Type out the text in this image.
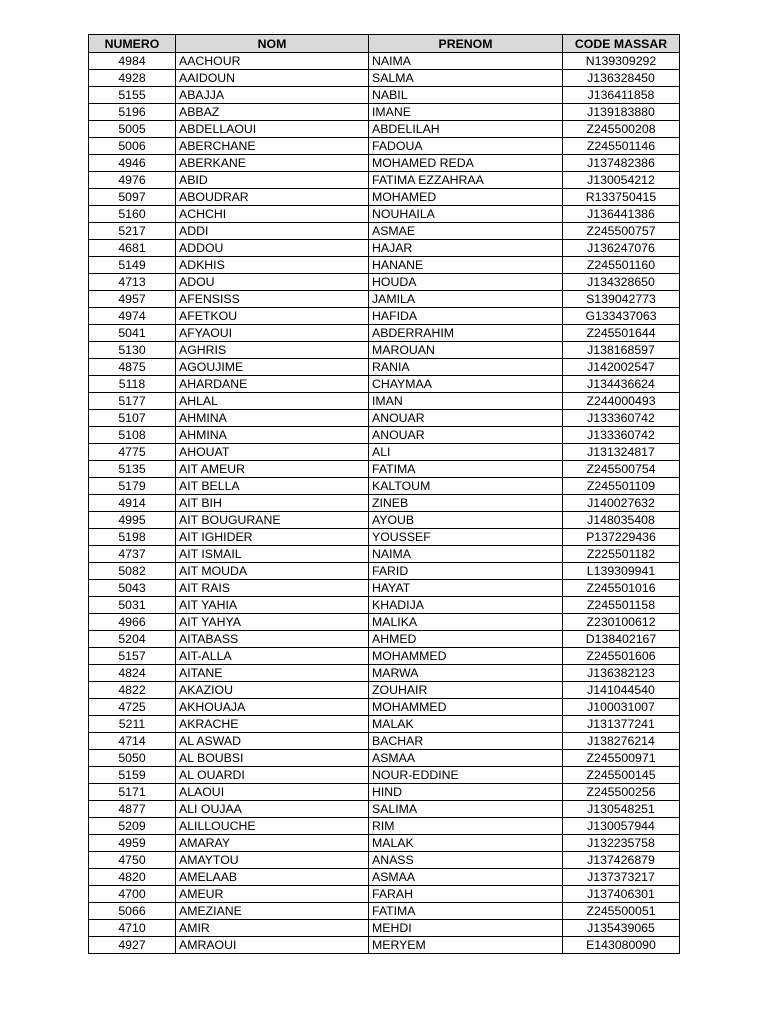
NUMERO	NOM	PRENOM	CODE MASSAR
4984	AACHOUR	NAIMA	N139309292
4928	AAIDOUN	SALMA	J136328450
5155	ABAJJA	NABIL	J136411858
5196	ABBAZ	IMANE	J139183880
5005	ABDELLAOUI	ABDELILAH	Z245500208
5006	ABERCHANE	FADOUA	Z245501146
4946	ABERKANE	MOHAMED REDA	J137482386
4976	ABID	FATIMA EZZAHRAA	J130054212
5097	ABOUDRAR	MOHAMED	R133750415
5160	ACHCHI	NOUHAILA	J136441386
5217	ADDI	ASMAE	Z245500757
4681	ADDOU	HAJAR	J136247076
5149	ADKHIS	HANANE	Z245501160
4713	ADOU	HOUDA	J134328650
4957	AFENSISS	JAMILA	S139042773
4974	AFETKOU	HAFIDA	G133437063
5041	AFYAOUI	ABDERRAHIM	Z245501644
5130	AGHRIS	MAROUAN	J138168597
4875	AGOUJIME	RANIA	J142002547
5118	AHARDANE	CHAYMAA	J134436624
5177	AHLAL	IMAN	Z244000493
5107	AHMINA	ANOUAR	J133360742
5108	AHMINA	ANOUAR	J133360742
4775	AHOUAT	ALI	J131324817
5135	AIT AMEUR	FATIMA	Z245500754
5179	AIT BELLA	KALTOUM	Z245501109
4914	AIT BIH	ZINEB	J140027632
4995	AIT BOUGURANE	AYOUB	J148035408
5198	AIT IGHIDER	YOUSSEF	P137229436
4737	AIT ISMAIL	NAIMA	Z225501182
5082	AIT MOUDA	FARID	L139309941
5043	AIT RAIS	HAYAT	Z245501016
5031	AIT YAHIA	KHADIJA	Z245501158
4966	AIT YAHYA	MALIKA	Z230100612
5204	AITABASS	AHMED	D138402167
5157	AIT-ALLA	MOHAMMED	Z245501606
4824	AITANE	MARWA	J136382123
4822	AKAZIOU	ZOUHAIR	J141044540
4725	AKHOUAJA	MOHAMMED	J100031007
5211	AKRACHE	MALAK	J131377241
4714	AL ASWAD	BACHAR	J138276214
5050	AL BOUBSI	ASMAA	Z245500971
5159	AL OUARDI	NOUR-EDDINE	Z245500145
5171	ALAOUI	HIND	Z245500256
4877	ALI OUJAA	SALIMA	J130548251
5209	ALILLOUCHE	RIM	J130057944
4959	AMARAY	MALAK	J132235758
4750	AMAYTOU	ANASS	J137426879
4820	AMELAAB	ASMAA	J137373217
4700	AMEUR	FARAH	J137406301
5066	AMEZIANE	FATIMA	Z245500051
4710	AMIR	MEHDI	J135439065
4927	AMRAOUI	MERYEM	E143080090
